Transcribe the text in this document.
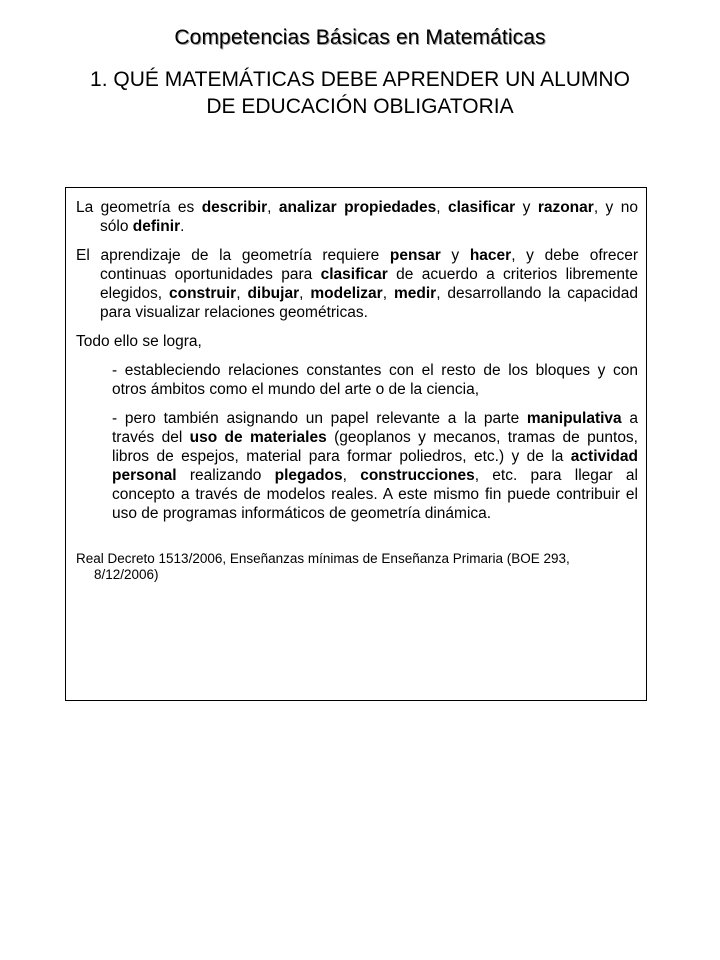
Competencias Básicas en Matemáticas
1. QUÉ MATEMÁTICAS DEBE APRENDER UN ALUMNO
DE EDUCACIÓN OBLIGATORIA

La geometría es describir, analizar propiedades, clasificar y razonar, y no sólo definir.

El aprendizaje de la geometría requiere pensar y hacer, y debe ofrecer continuas oportunidades para clasificar de acuerdo a criterios libremente elegidos, construir, dibujar, modelizar, medir, desarrollando la capacidad para visualizar relaciones geométricas.

Todo ello se logra,

- estableciendo relaciones constantes con el resto de los bloques y con otros ámbitos como el mundo del arte o de la ciencia,

- pero también asignando un papel relevante a la parte manipulativa a través del uso de materiales (geoplanos y mecanos, tramas de puntos, libros de espejos, material para formar poliedros, etc.) y de la actividad personal realizando plegados, construcciones, etc. para llegar al concepto a través de modelos reales. A este mismo fin puede contribuir el uso de programas informáticos de geometría dinámica.

Real Decreto 1513/2006, Enseñanzas mínimas de Enseñanza Primaria (BOE 293, 8/12/2006)
